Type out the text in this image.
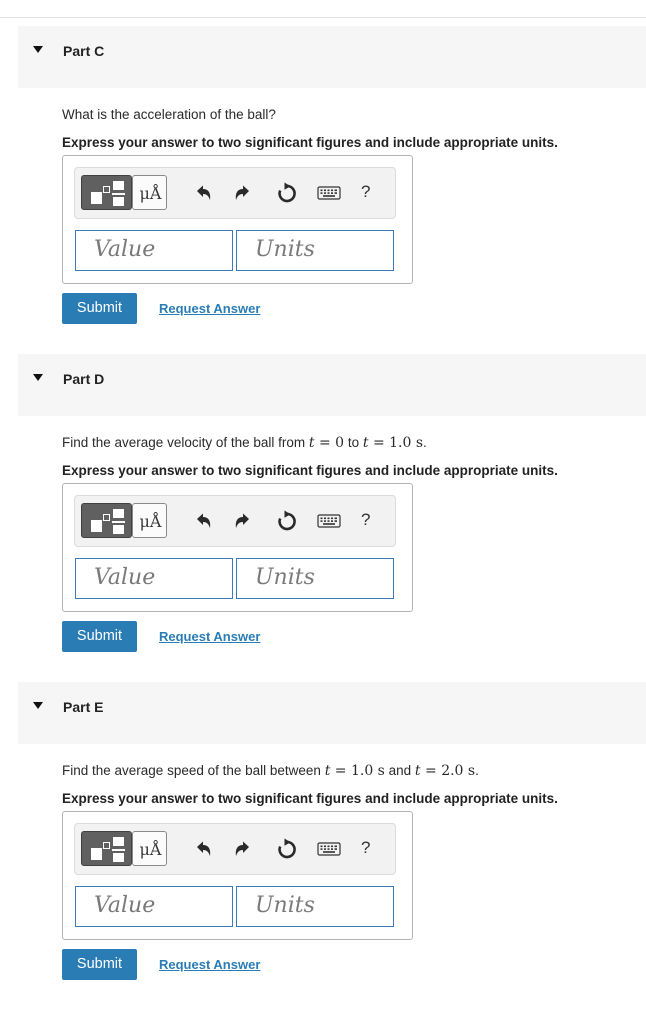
Part C
What is the acceleration of the ball?
Express your answer to two significant figures and include appropriate units.
μÅ	?
Value	Units
Submit	Request Answer
Part D
Find the average velocity of the ball from t = 0 to t = 1.0 s.
Express your answer to two significant figures and include appropriate units.
μÅ	?
Value	Units
Submit	Request Answer
Part E
Find the average speed of the ball between t = 1.0 s and t = 2.0 s.
Express your answer to two significant figures and include appropriate units.
μÅ	?
Value	Units
Submit	Request Answer
